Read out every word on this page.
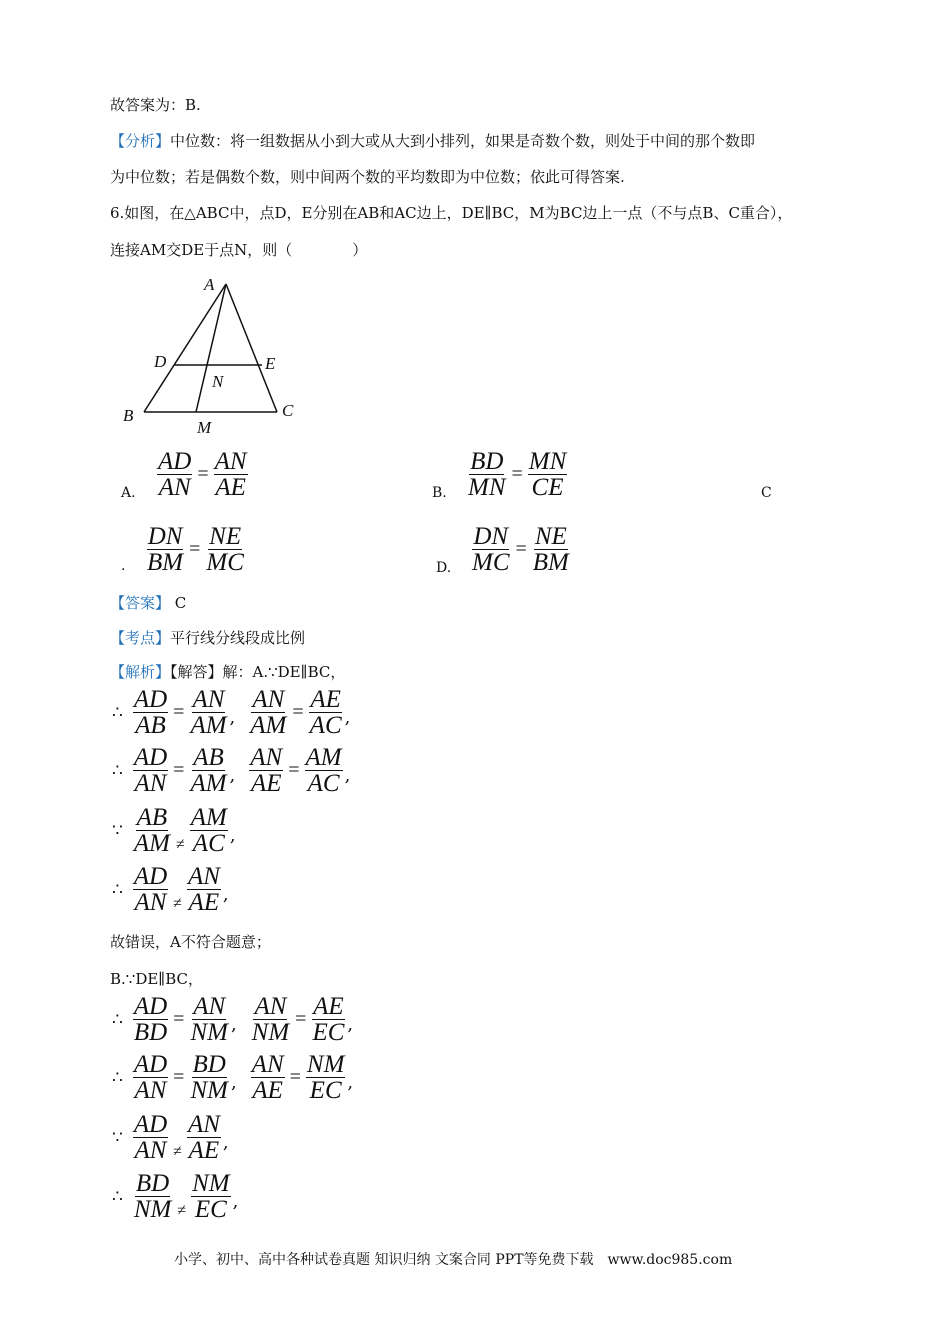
故答案为：B.
【分析】中位数：将一组数据从小到大或从大到小排列，如果是奇数个数，则处于中间的那个数即
为中位数；若是偶数个数，则中间两个数的平均数即为中位数；依此可得答案.
6.如图，在△ABC中，点D，E分别在AB和AC边上，DE∥BC，M为BC边上一点（不与点B、C重合），
连接AM交DE于点N，则（　　　　）
A
B	C
D	E
M
N
A. $\frac{AD}{AN} = \frac{AN}{AE}$	B. $\frac{BD}{MN} = \frac{MN}{CE}$	C
. $\frac{DN}{BM} = \frac{NE}{MC}$	D. $\frac{DN}{MC} = \frac{NE}{BM}$
【答案】 C
【考点】平行线分线段成比例
【解析】【解答】解：A.∵DE∥BC，
∴ $\frac{AD}{AB} = \frac{AN}{AM}$ , $\frac{AN}{AM} = \frac{AE}{AC}$ ,
∴ $\frac{AD}{AN} = \frac{AB}{AM}$ , $\frac{AN}{AE} = \frac{AM}{AC}$ ,
∵ $\frac{AB}{AM} \ne \frac{AM}{AC}$ ,
∴ $\frac{AD}{AN} \ne \frac{AN}{AE}$ ,
故错误，A不符合题意；
B.∵DE∥BC，
∴ $\frac{AD}{BD} = \frac{AN}{NM}$ , $\frac{AN}{NM} = \frac{AE}{EC}$ ,
∴ $\frac{AD}{AN} = \frac{BD}{NM}$ , $\frac{AN}{AE} = \frac{NM}{EC}$ ,
∵ $\frac{AD}{AN} \ne \frac{AN}{AE}$ ,
∴ $\frac{BD}{NM} \ne \frac{NM}{EC}$ ,
小学、初中、高中各种试卷真题 知识归纳 文案合同 PPT等免费下载　www.doc985.com
